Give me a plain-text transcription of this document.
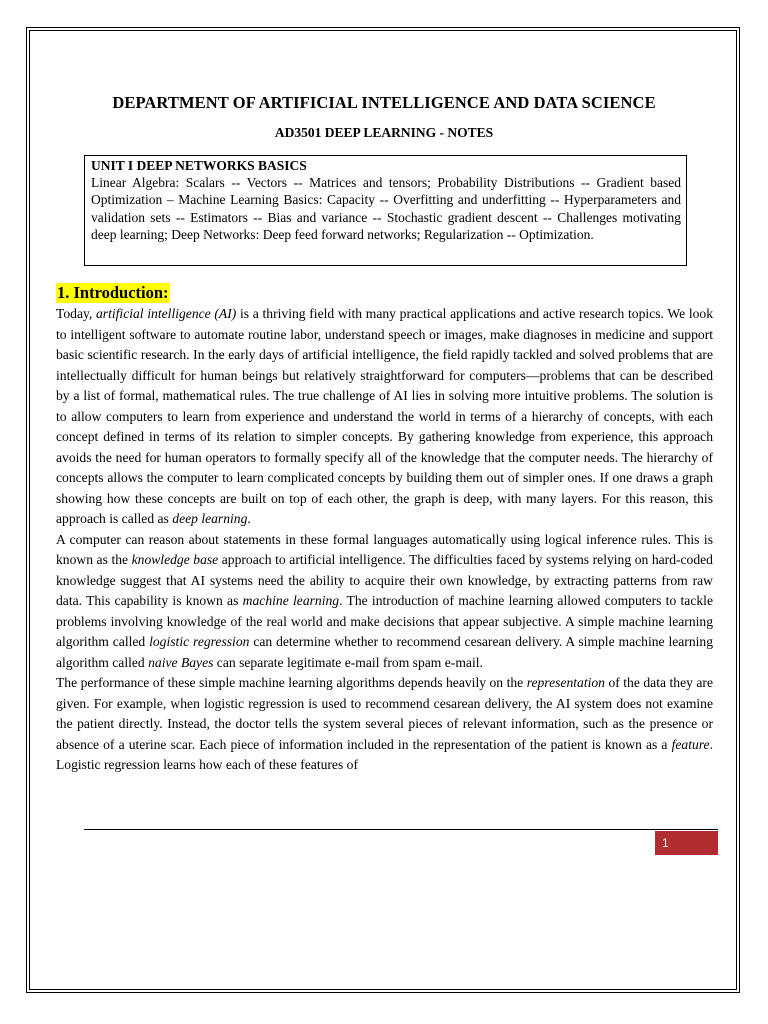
DEPARTMENT OF ARTIFICIAL INTELLIGENCE AND DATA SCIENCE
AD3501 DEEP LEARNING - NOTES
UNIT I DEEP NETWORKS BASICS
Linear Algebra: Scalars -- Vectors -- Matrices and tensors; Probability Distributions -- Gradient based Optimization – Machine Learning Basics: Capacity -- Overfitting and underfitting -- Hyperparameters and validation sets -- Estimators -- Bias and variance -- Stochastic gradient descent -- Challenges motivating deep learning; Deep Networks: Deep feed forward networks; Regularization -- Optimization.
1. Introduction:

Today, artificial intelligence (AI) is a thriving field with many practical applications and active research topics. We look to intelligent software to automate routine labor, understand speech or images, make diagnoses in medicine and support basic scientific research. In the early days of artificial intelligence, the field rapidly tackled and solved problems that are intellectually difficult for human beings but relatively straightforward for computers—problems that can be described by a list of formal, mathematical rules. The true challenge of AI lies in solving more intuitive problems. The solution is to allow computers to learn from experience and understand the world in terms of a hierarchy of concepts, with each concept defined in terms of its relation to simpler concepts. By gathering knowledge from experience, this approach avoids the need for human operators to formally specify all of the knowledge that the computer needs. The hierarchy of concepts allows the computer to learn complicated concepts by building them out of simpler ones. If one draws a graph showing how these concepts are built on top of each other, the graph is deep, with many layers. For this reason, this approach is called as deep learning.

A computer can reason about statements in these formal languages automatically using logical inference rules. This is known as the knowledge base approach to artificial intelligence. The difficulties faced by systems relying on hard-coded knowledge suggest that AI systems need the ability to acquire their own knowledge, by extracting patterns from raw data. This capability is known as machine learning. The introduction of machine learning allowed computers to tackle problems involving knowledge of the real world and make decisions that appear subjective. A simple machine learning algorithm called logistic regression can determine whether to recommend cesarean delivery. A simple machine learning algorithm called naive Bayes can separate legitimate e-mail from spam e-mail.

The performance of these simple machine learning algorithms depends heavily on the representation of the data they are given. For example, when logistic regression is used to recommend cesarean delivery, the AI system does not examine the patient directly. Instead, the doctor tells the system several pieces of relevant information, such as the presence or absence of a uterine scar. Each piece of information included in the representation of the patient is known as a feature. Logistic regression learns how each of these features of

1
